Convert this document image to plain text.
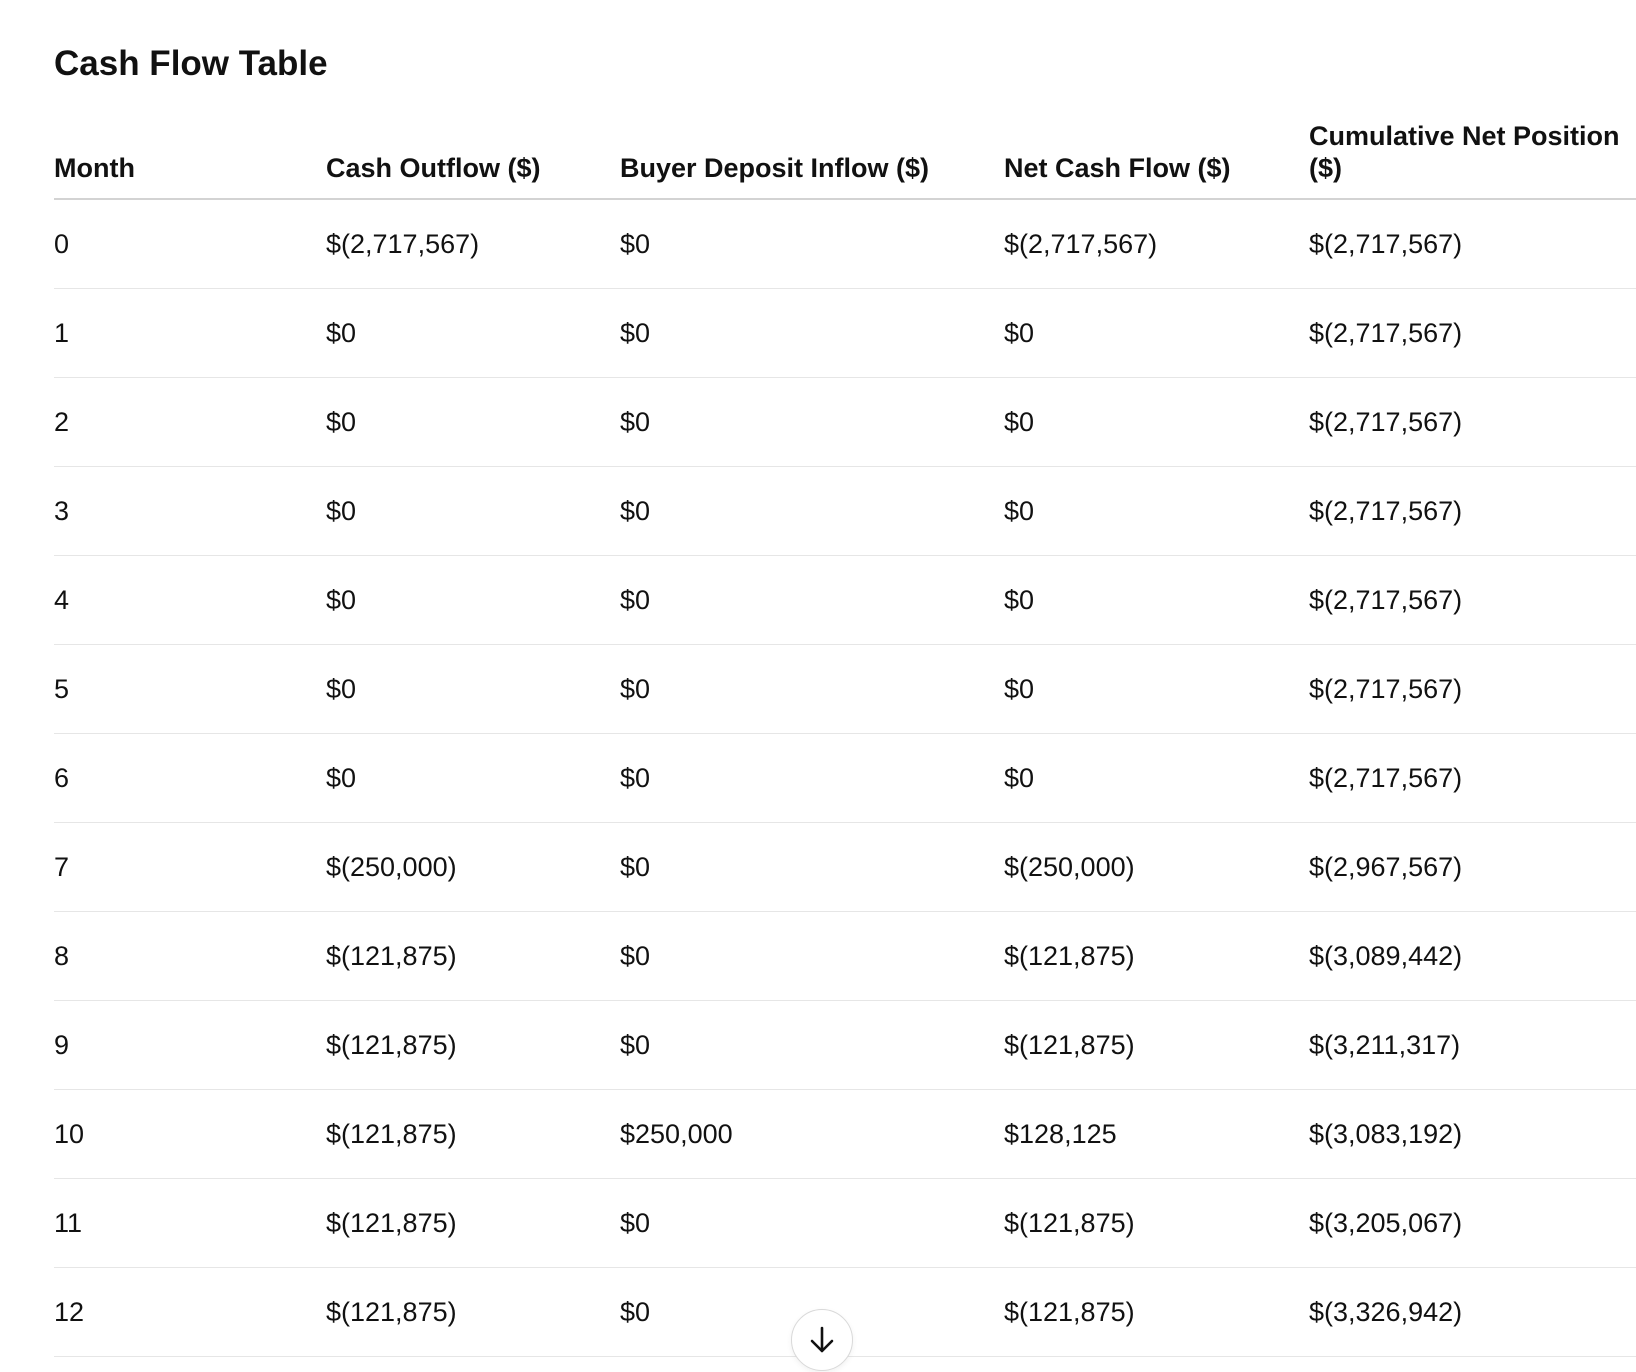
Cash Flow Table
Month	Cash Outflow ($)	Buyer Deposit Inflow ($)	Net Cash Flow ($)	Cumulative Net Position ($)
0	$(2,717,567)	$0	$(2,717,567)	$(2,717,567)
1	$0	$0	$0	$(2,717,567)
2	$0	$0	$0	$(2,717,567)
3	$0	$0	$0	$(2,717,567)
4	$0	$0	$0	$(2,717,567)
5	$0	$0	$0	$(2,717,567)
6	$0	$0	$0	$(2,717,567)
7	$(250,000)	$0	$(250,000)	$(2,967,567)
8	$(121,875)	$0	$(121,875)	$(3,089,442)
9	$(121,875)	$0	$(121,875)	$(3,211,317)
10	$(121,875)	$250,000	$128,125	$(3,083,192)
11	$(121,875)	$0	$(121,875)	$(3,205,067)
12	$(121,875)	$0	$(121,875)	$(3,326,942)
